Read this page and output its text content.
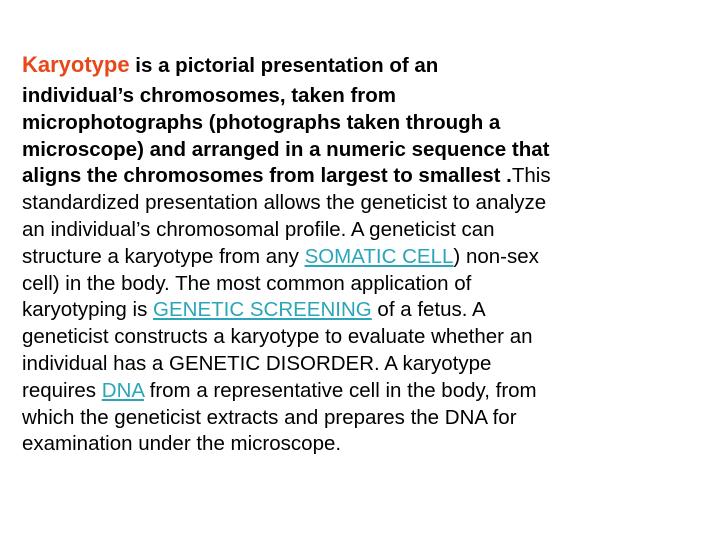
Karyotype is a pictorial presentation of an
individual’s chromosomes, taken from
microphotographs (photographs taken through a
microscope) and arranged in a numeric sequence that
aligns the chromosomes from largest to smallest .This
standardized presentation allows the geneticist to analyze
an individual’s chromosomal profile. A geneticist can
structure a karyotype from any SOMATIC CELL) non-sex
cell) in the body. The most common application of
karyotyping is GENETIC SCREENING of a fetus. A
geneticist constructs a karyotype to evaluate whether an
individual has a GENETIC DISORDER. A karyotype
requires DNA from a representative cell in the body, from
which the geneticist extracts and prepares the DNA for
examination under the microscope.
